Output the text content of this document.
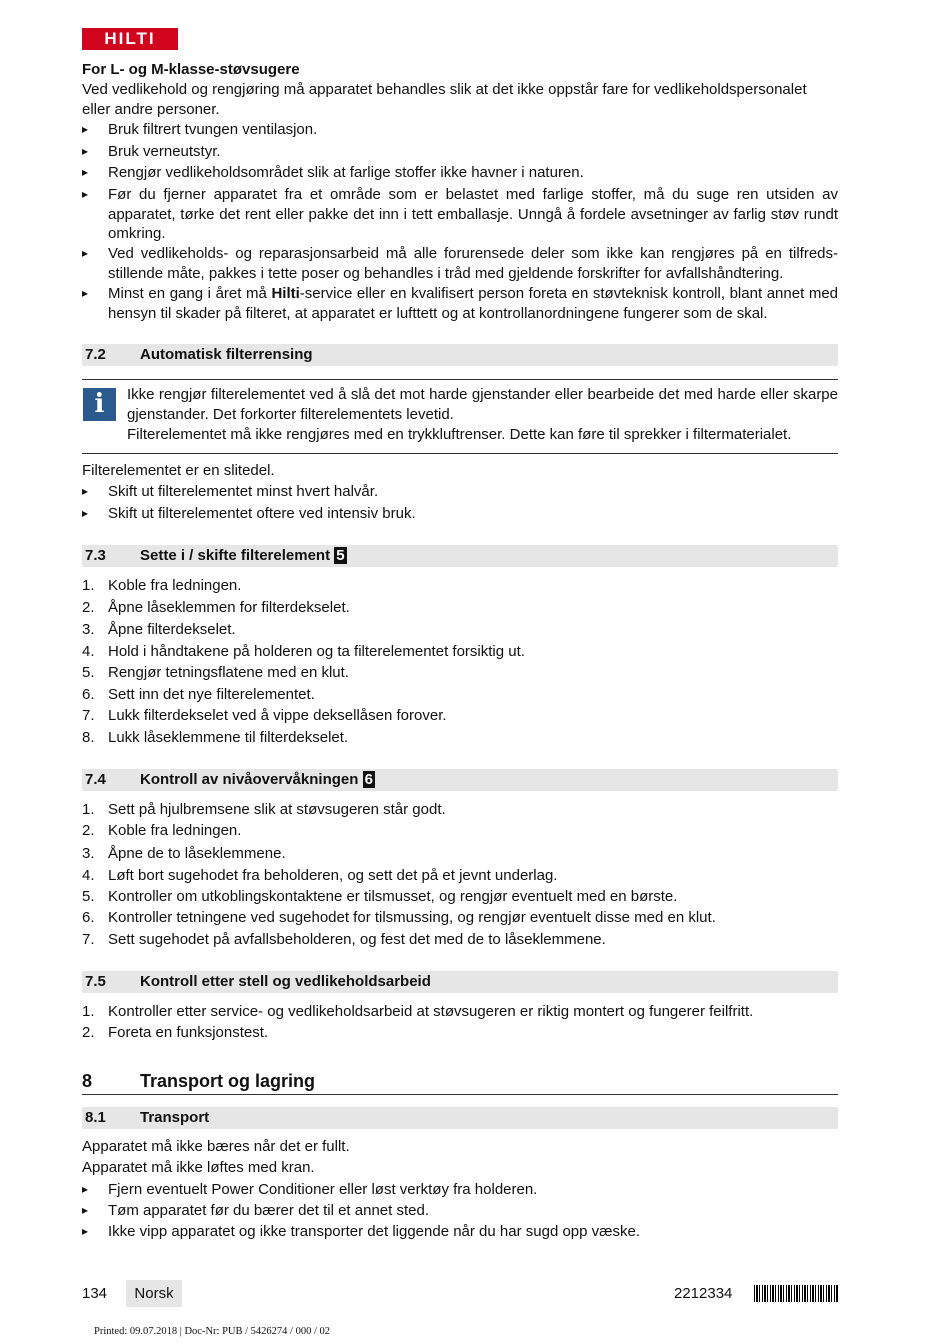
HILTI
For L- og M-klasse-støvsugere
Ved vedlikehold og rengjøring må apparatet behandles slik at det ikke oppstår fare for vedlikeholdspersonalet eller andre personer.
▸ Bruk filtrert tvungen ventilasjon.
▸ Bruk verneutstyr.
▸ Rengjør vedlikeholdsområdet slik at farlige stoffer ikke havner i naturen.
▸ Før du fjerner apparatet fra et område som er belastet med farlige stoffer, må du suge ren utsiden av apparatet, tørke det rent eller pakke det inn i tett emballasje. Unngå å fordele avsetninger av farlig støv rundt omkring.
▸ Ved vedlikeholds- og reparasjonsarbeid må alle forurensede deler som ikke kan rengjøres på en tilfreds-stillende måte, pakkes i tette poser og behandles i tråd med gjeldende forskrifter for avfallshåndtering.
▸ Minst en gang i året må Hilti-service eller en kvalifisert person foreta en støvteknisk kontroll, blant annet med hensyn til skader på filteret, at apparatet er lufttett og at kontrollanordningene fungerer som de skal.
7.2 Automatisk filterrensing
i	Ikke rengjør filterelementet ved å slå det mot harde gjenstander eller bearbeide det med harde eller skarpe gjenstander. Det forkorter filterelementets levetid.
Filterelementet må ikke rengjøres med en trykkluftrenser. Dette kan føre til sprekker i filtermaterialet.
Filterelementet er en slitedel.
▸ Skift ut filterelementet minst hvert halvår.
▸ Skift ut filterelementet oftere ved intensiv bruk.
7.3 Sette i / skifte filterelement 5
1. Koble fra ledningen.
2. Åpne låseklemmen for filterdekselet.
3. Åpne filterdekselet.
4. Hold i håndtakene på holderen og ta filterelementet forsiktig ut.
5. Rengjør tetningsflatene med en klut.
6. Sett inn det nye filterelementet.
7. Lukk filterdekselet ved å vippe deksellåsen forover.
8. Lukk låseklemmene til filterdekselet.
7.4 Kontroll av nivåovervåkningen 6
1. Sett på hjulbremsene slik at støvsugeren står godt.
2. Koble fra ledningen.
3. Åpne de to låseklemmene.
4. Løft bort sugehodet fra beholderen, og sett det på et jevnt underlag.
5. Kontroller om utkoblingskontaktene er tilsmusset, og rengjør eventuelt med en børste.
6. Kontroller tetningene ved sugehodet for tilsmussing, og rengjør eventuelt disse med en klut.
7. Sett sugehodet på avfallsbeholderen, og fest det med de to låseklemmene.
7.5 Kontroll etter stell og vedlikeholdsarbeid
1. Kontroller etter service- og vedlikeholdsarbeid at støvsugeren er riktig montert og fungerer feilfritt.
2. Foreta en funksjonstest.
8	Transport og lagring
8.1 Transport
Apparatet må ikke bæres når det er fullt.
Apparatet må ikke løftes med kran.
▸ Fjern eventuelt Power Conditioner eller løst verktøy fra holderen.
▸ Tøm apparatet før du bærer det til et annet sted.
▸ Ikke vipp apparatet og ikke transporter det liggende når du har sugd opp væske.
134	Norsk	2212334
Printed: 09.07.2018 | Doc-Nr: PUB / 5426274 / 000 / 02
